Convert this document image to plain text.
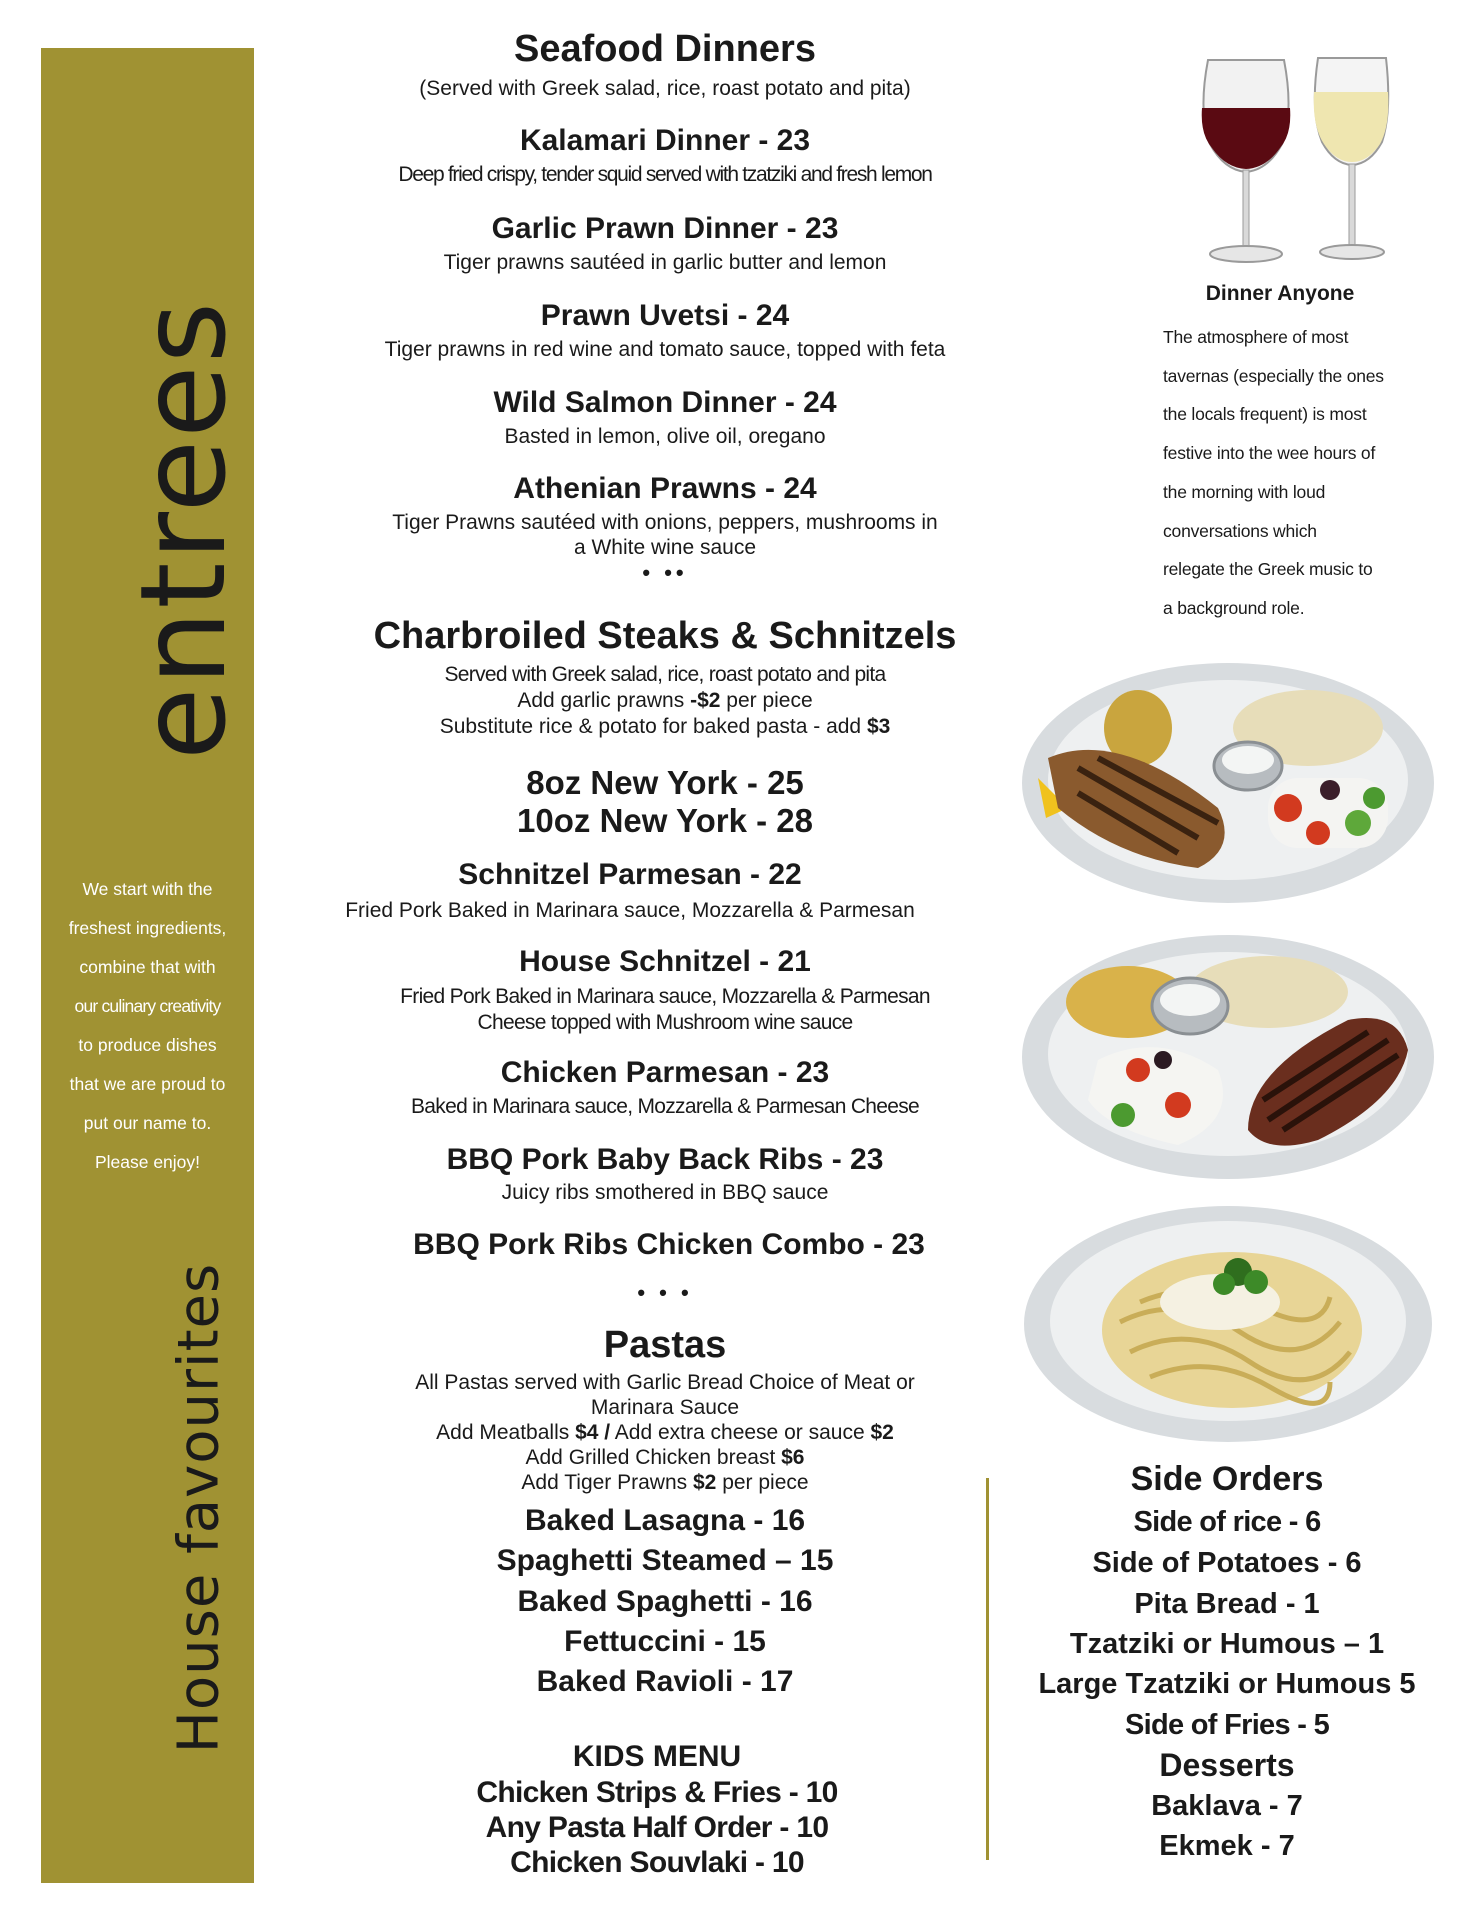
entrees
We start with the
freshest ingredients,
combine that with
our culinary creativity
to produce dishes
that we are proud to
put our name to.
Please enjoy!
House favourites
Seafood Dinners

(Served with Greek salad, rice, roast potato and pita)

Kalamari Dinner - 23

Deep fried crispy, tender squid served with tzatziki and fresh lemon

Garlic Prawn Dinner - 23

Tiger prawns sautéed in garlic butter and lemon

Prawn Uvetsi - 24

Tiger prawns in red wine and tomato sauce, topped with feta

Wild Salmon Dinner - 24

Basted in lemon, olive oil, oregano

Athenian Prawns - 24

Tiger Prawns sautéed with onions, peppers, mushrooms in

a White wine sauce

• ••

Charbroiled Steaks & Schnitzels

Served with Greek salad, rice, roast potato and pita

Add garlic prawns -$2 per piece

Substitute rice & potato for baked pasta - add $3

8oz New York - 25
10oz New York - 28
Schnitzel Parmesan - 22

Fried Pork Baked in Marinara sauce, Mozzarella & Parmesan

House Schnitzel - 21

Fried Pork Baked in Marinara sauce, Mozzarella & Parmesan

Cheese topped with Mushroom wine sauce

Chicken Parmesan - 23

Baked in Marinara sauce, Mozzarella & Parmesan Cheese

BBQ Pork Baby Back Ribs - 23

Juicy ribs smothered in BBQ sauce

BBQ Pork Ribs Chicken Combo - 23

• • •

Pastas

All Pastas served with Garlic Bread Choice of Meat or

Marinara Sauce

Add Meatballs $4 / Add extra cheese or sauce $2

Add Grilled Chicken breast $6

Add Tiger Prawns $2 per piece

Baked Lasagna - 16
Spaghetti Steamed – 15
Baked Spaghetti - 16
Fettuccini - 15
Baked Ravioli - 17
KIDS MENU
Chicken Strips & Fries - 10
Any Pasta Half Order - 10
Chicken Souvlaki - 10
Dinner Anyone
The atmosphere of most
tavernas (especially the ones
the locals frequent) is most
festive into the wee hours of
the morning with loud
conversations which
relegate the Greek music to
a background role.
Side Orders
Side of rice - 6
Side of Potatoes - 6
Pita Bread - 1
Tzatziki or Humous – 1
Large Tzatziki or Humous 5
Side of Fries - 5
Desserts
Baklava - 7
Ekmek - 7
